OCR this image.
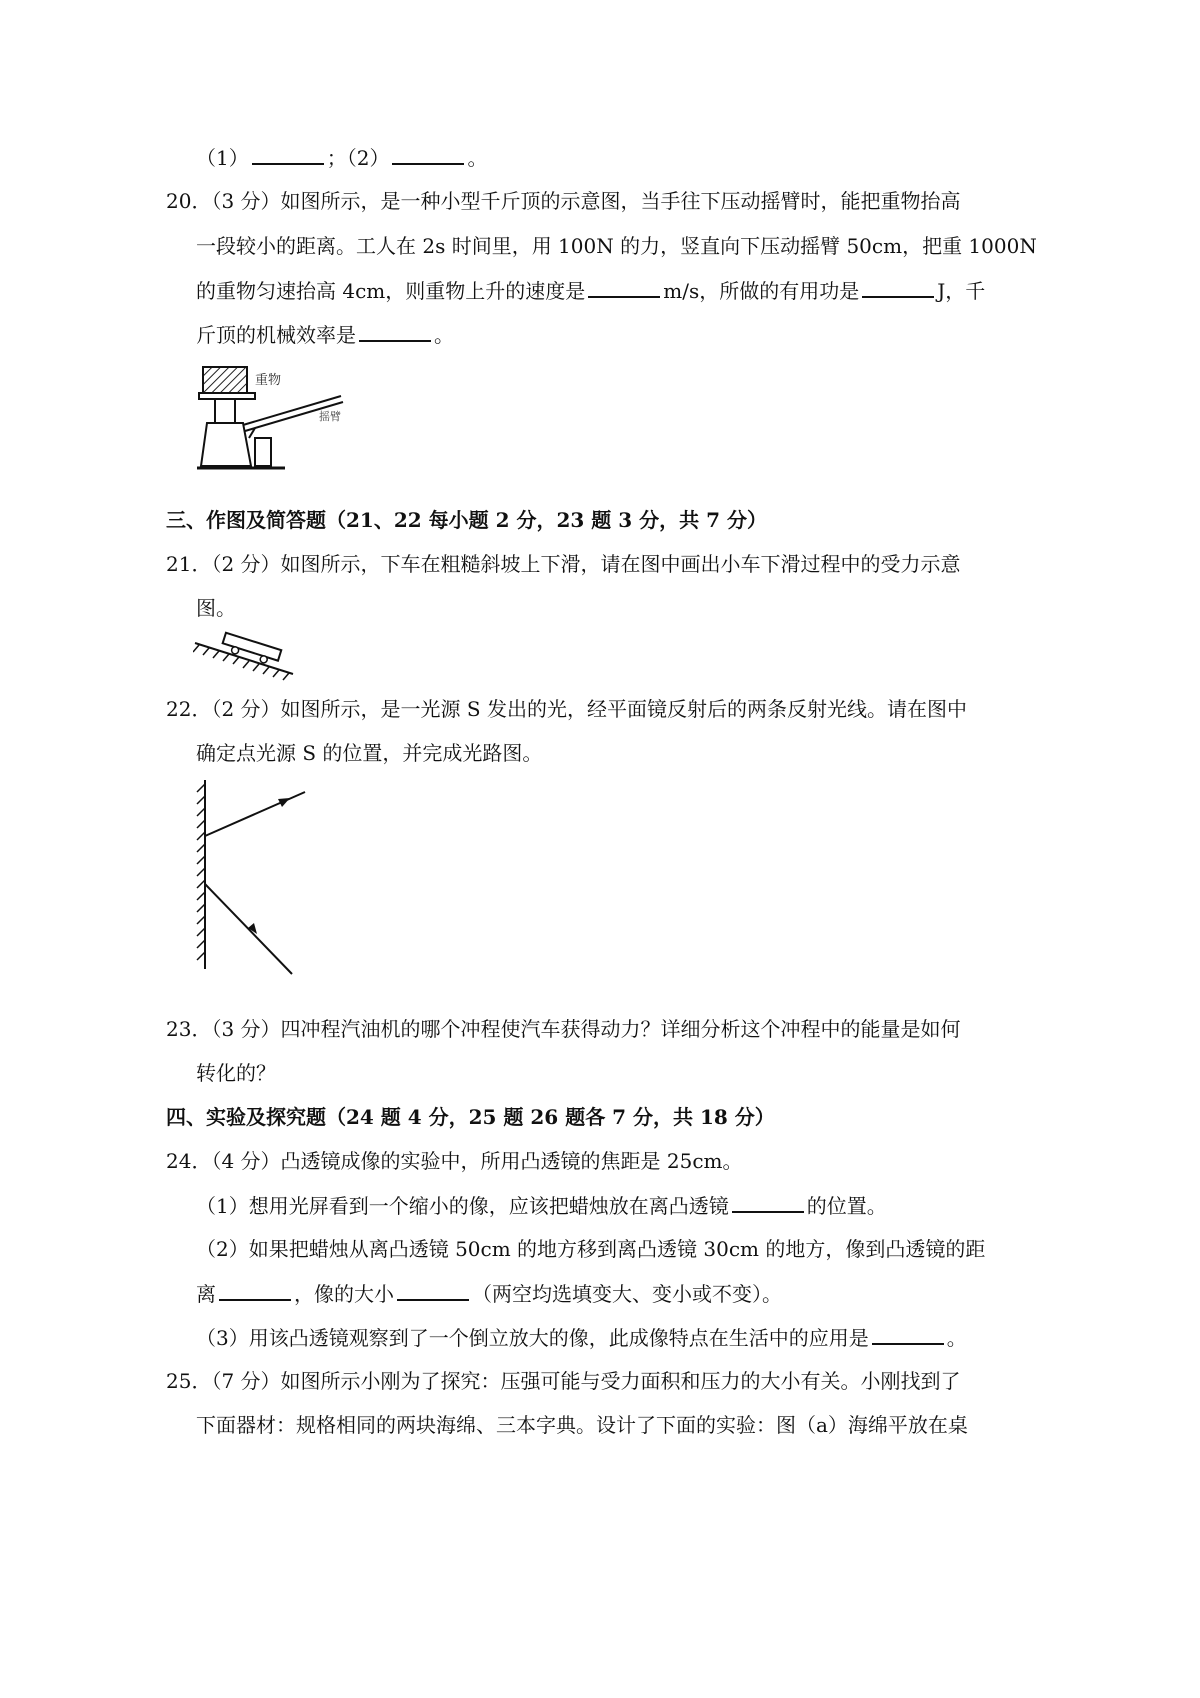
（1）	；（2）	。
20．（3 分）如图所示，是一种小型千斤顶的示意图，当手往下压动摇臂时，能把重物抬高
一段较小的距离。工人在 2s 时间里，用 100N 的力，竖直向下压动摇臂 50cm，把重 1000N
的重物匀速抬高 4cm，则重物上升的速度是	m/s，所做的有用功是	J，千
斤顶的机械效率是	。
重物
摇臂
三、作图及简答题（21、22 每小题 2 分，23 题 3 分，共 7 分）
21．（2 分）如图所示，下车在粗糙斜坡上下滑，请在图中画出小车下滑过程中的受力示意
图。
22．（2 分）如图所示，是一光源 S 发出的光，经平面镜反射后的两条反射光线。请在图中
确定点光源 S 的位置，并完成光路图。
23．（3 分）四冲程汽油机的哪个冲程使汽车获得动力？详细分析这个冲程中的能量是如何
转化的？
四、实验及探究题（24 题 4 分，25 题 26 题各 7 分，共 18 分）
24．（4 分）凸透镜成像的实验中，所用凸透镜的焦距是 25cm。
（1）想用光屏看到一个缩小的像，应该把蜡烛放在离凸透镜	的位置。
（2）如果把蜡烛从离凸透镜 50cm 的地方移到离凸透镜 30cm 的地方，像到凸透镜的距
离	，像的大小	（两空均选填变大、变小或不变）。
（3）用该凸透镜观察到了一个倒立放大的像，此成像特点在生活中的应用是	。
25．（7 分）如图所示小刚为了探究：压强可能与受力面积和压力的大小有关。小刚找到了
下面器材：规格相同的两块海绵、三本字典。设计了下面的实验：图（a）海绵平放在桌
